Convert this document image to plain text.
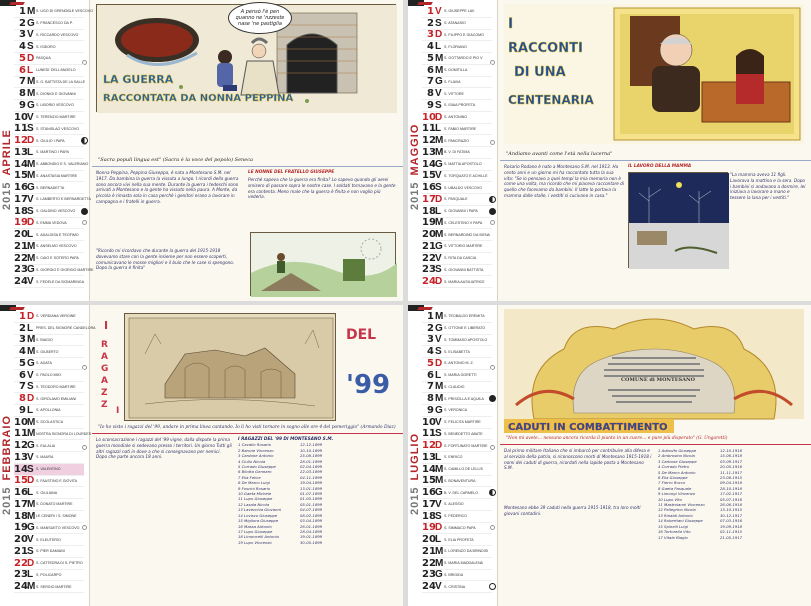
2015APRILE
1 M S. UGO DI GRENOBLE VESCOVO
2 G S. FRANCESCO DA P.
3 V S. RICCARDO VESCOVO
4 S S. ISIDORO
5 D PASQUA
6 L LUNEDI' DELL'ANGELO
7 M S. G. BATTISTA DE LA SALLE
8 M S. DIONIGI E GIOVANNI
9 G S. LIBORIO VESCOVO
10 V S. TERENZIO MARTIRE
11 S S. STANISLAO VESCOVO
12 D S. GIULIO I PAPA
13 L S. MARTINO I PAPA
14 M S. ABBONDIO E S. VALERIANO
15 M S. ANASTASIA MARTIRE
16 G S. BERNADETTA
17 V S. LAMBERTO E BERNARDETTA
18 S S. GALDINO VESCOVO
19 D S. EMMA VEDOVA
20 L S. ADALGISA E TEOFIMO
21 M S. ANSELMO VESCOVO
22 M S. CAIO E SOTERO PAPA
23 G S. GIORGIO E GIORGIO MARTIRE
24 V S. FEDELE DA SIGMARINGA
LA GUERRA
RACCONTATA DA NONNA PEPPINA
A pensò l'è pen quanno ne 'nzzeste nase 'ne pastiglia
"Sacra populi lingua est" (Sacra è la voce del popolo) Seneca
Nonna Peppina, Peppina Giuseppa, è nata a Montesano S.M. nel 1917. Da bambina la guerra la vissuta a lungo. I ricordi della guerra sono ancora vivi nella sua mente. Durante la guerra i tedeschi sono arrivati a Montesano e la gente ha vissuto nella paura. A Monte, da piccola è rimasta sola in casa perchè i genitori erano a lavorare in campagna e i fratelli in guerra.
"Ricordo mi ricordavo che durante la guerra del 1915-1918 dovevamo stare con la gente insieme per non essere scoperti, comunicavano le mosse migliori e il buio che le case si spengono. Dopo la guerra è finita"
LE NONNE DEL FRATELLO GIUSEPPE
Perchè sapeva che la guerra era finita? Lo sapevo quando gli aerei smisero di passare sopra le nostre case. I soldati tornavano e la gente era contenta. Meno male che la guerra è finita e non voglio più vederla.	2015MAGGIO
1 V S. GIUSEPPE LAV.
2 S S. ATANASIO
3 D S. FILIPPO E GIACOMO
4 L S. FLORIANO
5 M S. GOTTARDO E PIO V
6 M S. DOMITILLA
7 G S. FLAVIA
8 V S. VITTORE
9 S S. ISAIA PROFETA
10 D S. ANTONINO
11 L S. FABIO MARTIRE
12 M S. PANCRAZIO
13 M B. V. DI FATIMA
14 G S. MATTIA APOSTOLO
15 V S. TORQUATO E ACHILLE
16 S S. UBALDO VESCOVO
17 D S. PASQUALE
18 L S. GIOVANNI I PAPA
19 M S. CELESTINO V PAPA
20 M S. BERNARDINO DA SIENA
21 G S. VITTORIO MARTIRE
22 V S. RITA DA CASCIA
23 S S. GIOVANNI BATTISTA
24 D S. MARIA AUSILIATRICE
I
RACCONTI
DI UNA
CENTENARIA
"Andiamo avanti come l'età nella lucerna"
Rosario Rodano è nato a Montesano S.M. nel 1913. Ha cento anni e un giorno mi ha raccontato tutta la sua vita: "Se io pensavo a quei tempi la mia memoria non è come una volta, ma ricordo che mi piaceva raccontare di quello che facevamo da bambini. Il latte lo portava la mamma dalle stalle, i vestiti si cucivano in casa."
IL LAVORO DELLA MAMMA
"La mamma aveva 11 figli. Lavorava la mattina e la sera. Dopo i bambini si andavano a dormire, lei iniziava a lavorare a mano e tessere la lana per i vestiti."
2015FEBBRAIO
1 D S. VERDIANA VERGINE
2 L PRES. DEL SIGNORE CANDELORA
3 M S. BIAGIO
4 M S. GILBERTO
5 G S. AGATA
6 V S. PAOLO MIKI
7 S S. TEODORO MARTIRE
8 D S. GIROLAMO EMILIANI
9 L S. APOLLONIA
10 M S. SCOLASTICA
11 M NOSTRA SIGNORA DI LOURDES
12 G S. EULALIA
13 V S. MAURA
14 S S. VALENTINO
15 D S. FAUSTINO E GIOVITA
16 L S. GIULIANA
17 M S. DONATO MARTIRE
18 M LE CENERI / S. SIMONE
19 G S. MANSUETO VESCOVO
20 V S. ELEUTERIO
21 S S. PIER DAMIANI
22 D S. CATTEDRA DI S. PIETRO
23 L S. POLICARPO
24 M S. SERGIO MARTIRE
I
R
A
G
A
Z
Z
I
DEL
'99
"Io ho visto i ragazzi del '99, andare in prima linea cantando. Io li ho visti tornare in sogno alle ore 4 del pomeriggio" (Armando Diaz)
Lo sconsacrazione i ragazzi del '99 vigne, dalla dispute la prima guerra mondiale si sedevano presso i territori. Un giorno Tutti gli altri ragazzi nati in dove a che si consegnavano per nemici. Dopo che parte ancora 18 anni.
I RAGAZZI DEL '99 DI MONTESANO S.M.
1 Cavallo Rosario	12-12-1899
2 Barone Vincenzo	10-10-1899
3 Cardone Antonio	25-08-1899
4 Ciullo Nicola	28-01-1899
5 Corrado Giuseppe	02-04-1899
6 Bilotta Gennaro	22-03-1899
7 Elia Felice	04-11-1899
8 De Marco Luigi	19-04-1899
9 Foscini Rosario	13-01-1899
10 Gaeta Michele	01-07-1899
11 Lupo Giuseppe	01-05-1899
12 Lasala Nicola	05-01-1899
13 Lavecchia Giovanni	04-07-1899
14 Lovisco Giuseppe	08-02-1899
15 Migliora Giuseppe	03-04-1899
16 Massa Antonio	26-01-1899
17 Lupo Giuseppe	28-04-1899
18 Limoncelli Antonio	19-01-1899
19 Lupo Vincenzo	30-05-1899
2015LUGLIO
1 M S. TEOBALDO EREMITA
2 G S. OTTONE E LIBERATO
3 V S. TOMMASO APOSTOLO
4 S S. ELISABETTA
5 D S. ANTONIO M. Z.
6 L S. MARIA GORETTI
7 M S. CLAUDIO
8 M S. PRISCILLA E AQUILA
9 G S. VERONICA
10 V S. FELICITA MARTIRE
11 S S. BENEDETTO ABATE
12 D S. FORTUNATO MARTIRE
13 L S. ENRICO
14 M S. CAMILLO DE LELLIS
15 M S. BONAVENTURA
16 G B. V. DEL CARMELO
17 V S. ALESSIO
18 S S. FEDERICO
19 D S. SIMMACO PAPA
20 L S. ELIA PROFETA
21 M S. LORENZO DA BRINDISI
22 M S. MARIA MADDALENA
23 G S. BRIGIDA
24 V S. CRISTINA
COMUNE di MONTESANO
CADUTI IN COMBATTIMENTO
"Non mi avete... nessuno ancora ricorda il pianto in un cuore... e pure più disperato" (G. Ungaretti)
Dal primo militare Italiano che si imbarcò per contribuire alla difesa e al servizio della patria, si riconoscono morti di Montesano 1915-1918 i nomi dei caduti di guerra, ricordati nella lapide posta a Montesano S.M.
Montesano ebbe 39 caduti nella guerra 1915-1918, tra loro molti giovani contadini.
1 Adinolfo Giuseppe	12-10-1918
2 Ambrosino Nicola	15-06-1918
3 Carbone Giuseppe	03-09-1917
4 Corrado Pietro	20-05-1916
5 De Marco Antonio	11-11-1917
6 Elia Giuseppe	23-08-1915
7 Fierro Rocco	09-04-1918
8 Gaeta Pasquale	28-10-1918
9 Limongi Vincenzo	17-02-1917
10 Lupo Vito	05-07-1916
11 Mastroianni Vincenzo	26-06-1918
12 Pellegrino Nicola	13-10-1915
13 Rinaldi Antonio	30-12-1917
14 Robertiani Giuseppe	07-03-1916
15 Spinelli Luigi	19-09-1918
16 Tortorella Vito	02-11-1915
17 Vitale Biagio	21-05-1917
